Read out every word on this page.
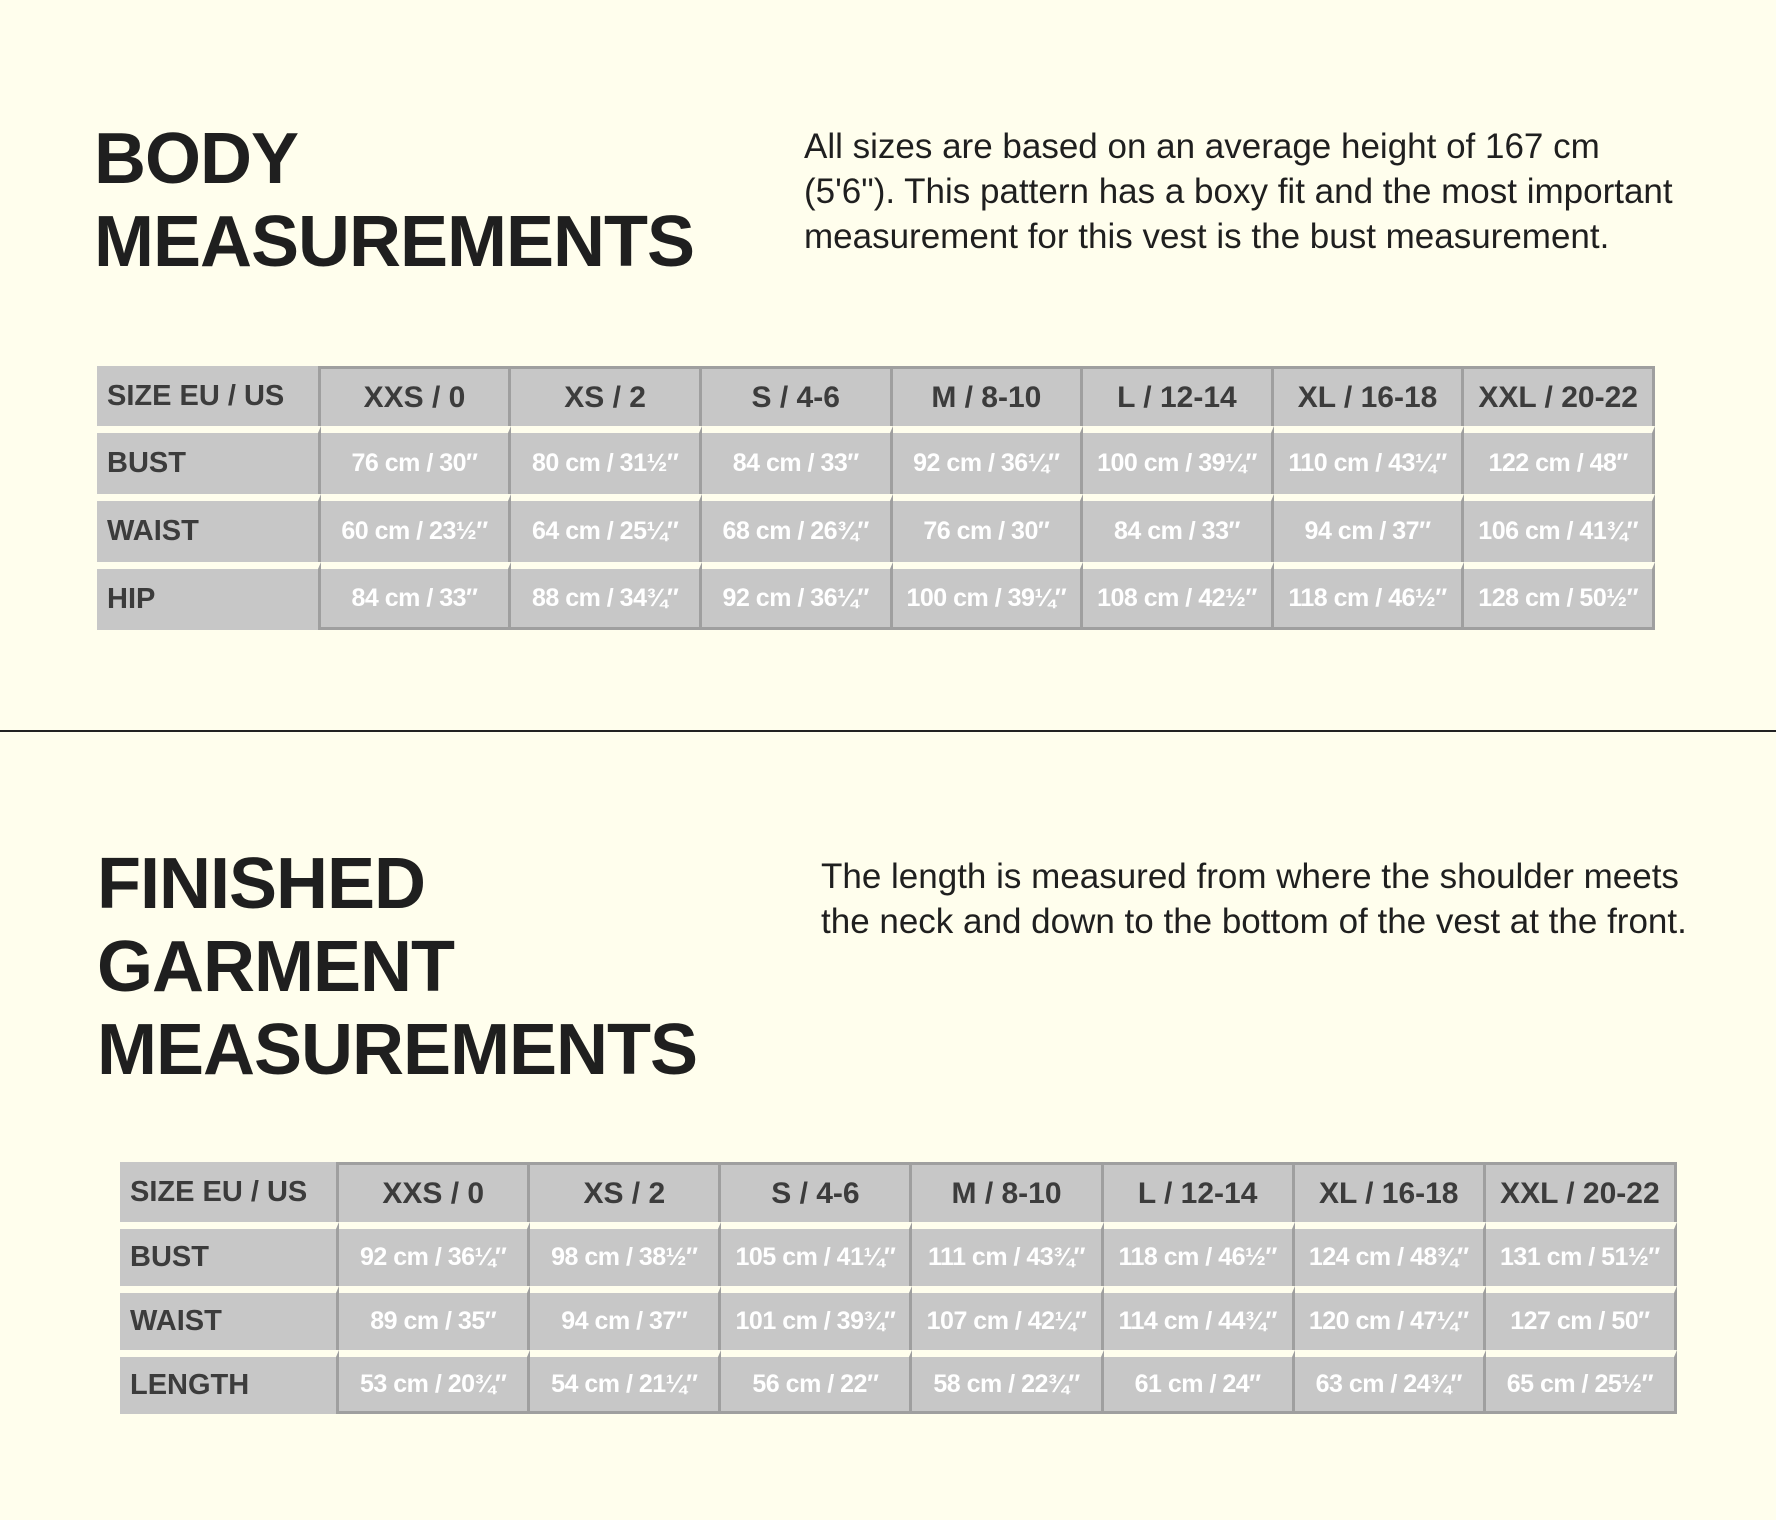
BODY
MEASUREMENTS

All sizes are based on an average height of 167 cm (5'6"). This pattern has a boxy fit and the most important measurement for this vest is the bust measurement.

SIZE EU / US	XXS / 0	XS / 2	S / 4-6	M / 8-10	L / 12-14	XL / 16-18	XXL / 20-22
BUST	76 cm / 30″	80 cm / 31½″	84 cm / 33″	92 cm / 36¼″	100 cm / 39¼″	110 cm / 43¼″	122 cm / 48″
WAIST	60 cm / 23½″	64 cm / 25¼″	68 cm / 26¾″	76 cm / 30″	84 cm / 33″	94 cm / 37″	106 cm / 41¾″
HIP	84 cm / 33″	88 cm / 34¾″	92 cm / 36¼″	100 cm / 39¼″	108 cm / 42½″	118 cm / 46½″	128 cm / 50½″
FINISHED
GARMENT
MEASUREMENTS

The length is measured from where the shoulder meets the neck and down to the bottom of the vest at the front.

SIZE EU / US	XXS / 0	XS / 2	S / 4-6	M / 8-10	L / 12-14	XL / 16-18	XXL / 20-22
BUST	92 cm / 36¼″	98 cm / 38½″	105 cm / 41¼″	111 cm / 43¾″	118 cm / 46½″	124 cm / 48¾″	131 cm / 51½″
WAIST	89 cm / 35″	94 cm / 37″	101 cm / 39¾″	107 cm / 42¼″	114 cm / 44¾″	120 cm / 47¼″	127 cm / 50″
LENGTH	53 cm / 20¾″	54 cm / 21¼″	56 cm / 22″	58 cm / 22¾″	61 cm / 24″	63 cm / 24¾″	65 cm / 25½″
